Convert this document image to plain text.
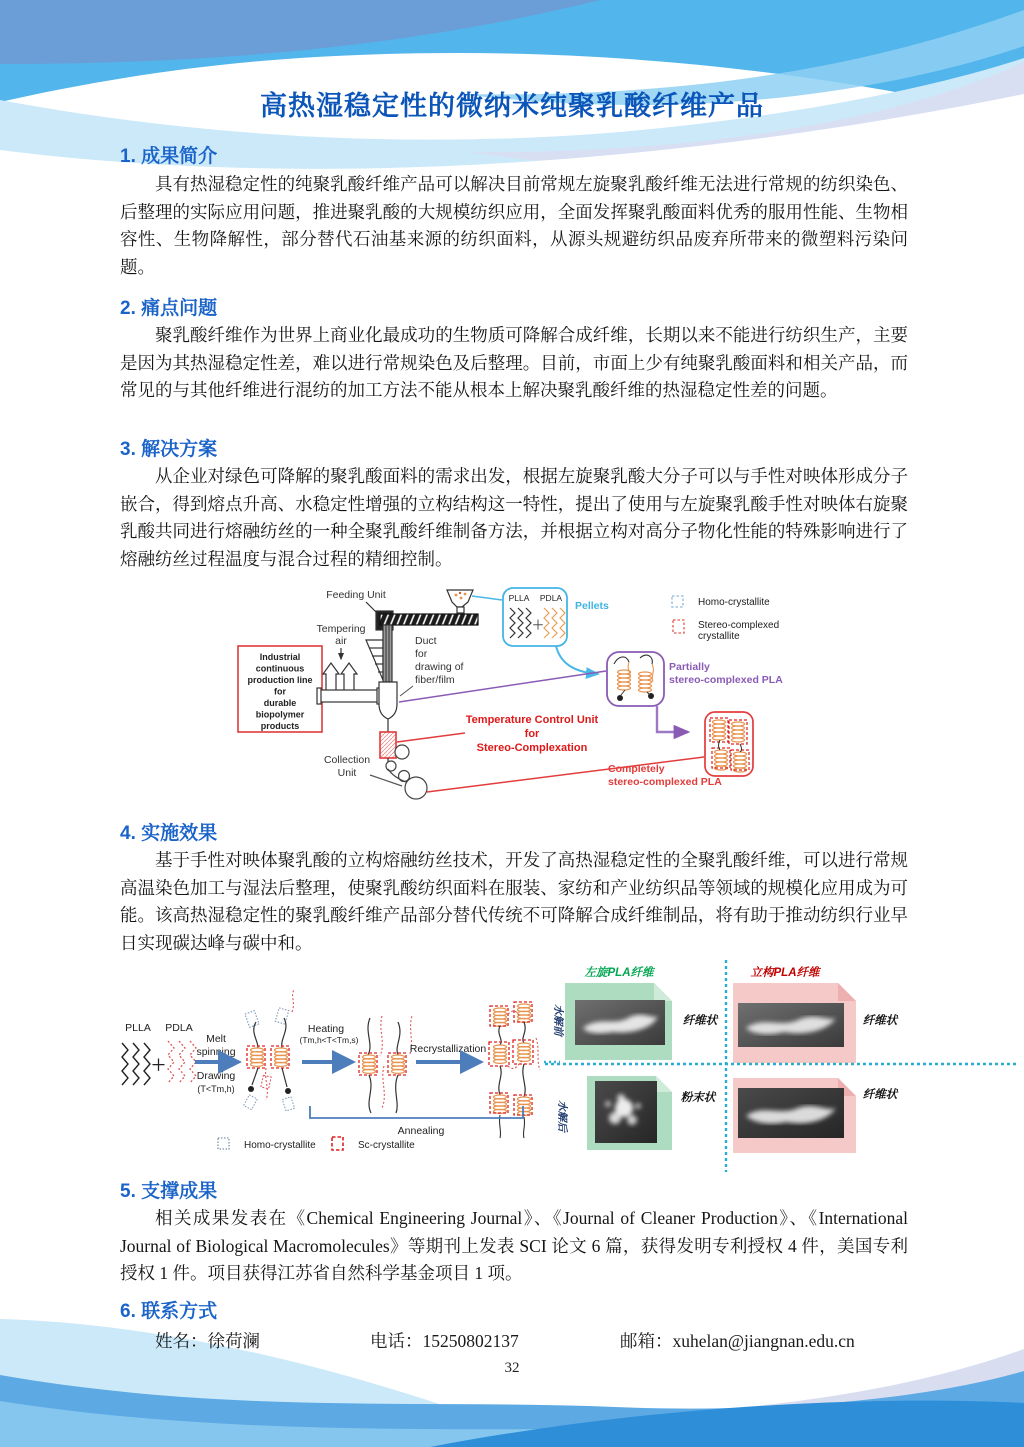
高热湿稳定性的微纳米纯聚乳酸纤维产品
1. 成果简介
具有热湿稳定性的纯聚乳酸纤维产品可以解决目前常规左旋聚乳酸纤维无法进行常规的纺织染色、后整理的实际应用问题，推进聚乳酸的大规模纺织应用，全面发挥聚乳酸面料优秀的服用性能、生物相容性、生物降解性，部分替代石油基来源的纺织面料，从源头规避纺织品废弃所带来的微塑料污染问题。
2. 痛点问题
聚乳酸纤维作为世界上商业化最成功的生物质可降解合成纤维，长期以来不能进行纺织生产，主要是因为其热湿稳定性差，难以进行常规染色及后整理。目前，市面上少有纯聚乳酸面料和相关产品，而常见的与其他纤维进行混纺的加工方法不能从根本上解决聚乳酸纤维的热湿稳定性差的问题。
3. 解决方案
从企业对绿色可降解的聚乳酸面料的需求出发，根据左旋聚乳酸大分子可以与手性对映体形成分子嵌合，得到熔点升高、水稳定性增强的立构结构这一特性，提出了使用与左旋聚乳酸手性对映体右旋聚乳酸共同进行熔融纺丝的一种全聚乳酸纤维制备方法，并根据立构对高分子物化性能的特殊影响进行了熔融纺丝过程温度与混合过程的精细控制。
Industrial
continuous
production line
for
durable
biopolymer
products
Feeding Unit
Tempering
air
Collection
Unit
Duct
for
drawing of
fiber/film
PLLA PDLA
＋
Pellets	Homo-crystallite
Stereo-complexed
crystallite
Partially
stereo-complexed PLA
Completely
stereo-complexed PLA
Temperature Control Unit
for
Stereo-Complexation
4. 实施效果
基于手性对映体聚乳酸的立构熔融纺丝技术，开发了高热湿稳定性的全聚乳酸纤维，可以进行常规高温染色加工与湿法后整理，使聚乳酸纺织面料在服装、家纺和产业纺织品等领域的规模化应用成为可能。该高热湿稳定性的聚乳酸纤维产品部分替代传统不可降解合成纤维制品，将有助于推动纺织行业早日实现碳达峰与碳中和。
PLLA PDLA
＋
Melt
spinning
Drawing
(T<Tm,h)
Heating
(Tm,h<T<Tm,s)
Recrystallization
Annealing
Homo-crystallite	Sc-crystallite
左旋PLA纤维	立构PLA纤维
纤维状	纤维状
粉末状	纤维状
水解前
水解后
5. 支撑成果
相关成果发表在《Chemical Engineering Journal》、《Journal of Cleaner Production》、《International Journal of Biological Macromolecules》等期刊上发表 SCI 论文 6 篇，获得发明专利授权 4 件，美国专利授权 1 件。项目获得江苏省自然科学基金项目 1 项。
6. 联系方式
姓名：徐荷澜	电话：15250802137	邮箱：xuhelan@jiangnan.edu.cn
32
